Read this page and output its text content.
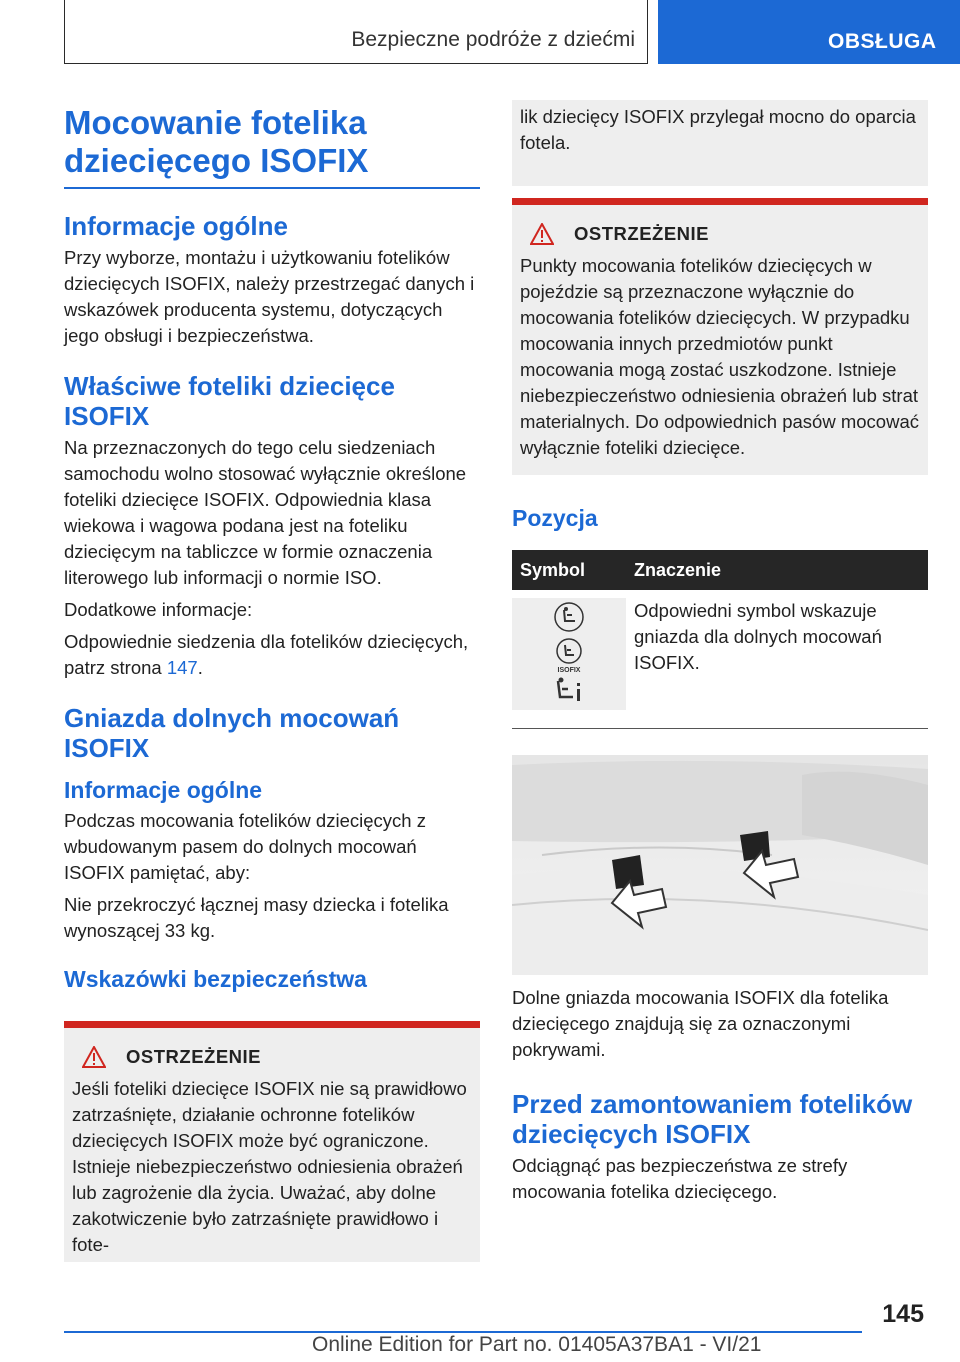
Bezpieczne podróże z dziećmi	OBSŁUGA
Mocowanie fotelika dziecięcego ISOFIX
Informacje ogólne

Przy wyborze, montażu i użytkowaniu fotelików dziecięcych ISOFIX, należy przestrzegać danych i wskazówek producenta systemu, dotyczących jego obsługi i bezpieczeństwa.

Właściwe foteliki dziecięce ISOFIX

Na przeznaczonych do tego celu siedzeniach samochodu wolno stosować wyłącznie określone foteliki dziecięce ISOFIX. Odpowiednia klasa wiekowa i wagowa podana jest na foteliku dziecięcym na tabliczce w formie oznaczenia literowego lub informacji o normie ISO.

Dodatkowe informacje:

Odpowiednie siedzenia dla fotelików dziecięcych, patrz strona 147.

Gniazda dolnych mocowań ISOFIX
Informacje ogólne

Podczas mocowania fotelików dziecięcych z wbudowanym pasem do dolnych mocowań ISOFIX pamiętać, aby:

Nie przekroczyć łącznej masy dziecka i fotelika wynoszącej 33 kg.

Wskazówki bezpieczeństwa
OSTRZEŻENIE

Jeśli foteliki dziecięce ISOFIX nie są prawidłowo zatrzaśnięte, działanie ochronne fotelików dziecięcych ISOFIX może być ograniczone. Istnieje niebezpieczeństwo odniesienia obrażeń lub zagrożenie dla życia. Uważać, aby dolne zakotwiczenie było zatrzaśnięte prawidłowo i fote-

lik dziecięcy ISOFIX przylegał mocno do oparcia fotela.

OSTRZEŻENIE

Punkty mocowania fotelików dziecięcych w pojeździe są przeznaczone wyłącznie do mocowania fotelików dziecięcych. W przypadku mocowania innych przedmiotów punkt mocowania mogą zostać uszkodzone. Istnieje niebezpieczeństwo odniesienia obrażeń lub strat materialnych. Do odpowiednich pasów mocować wyłącznie foteliki dziecięce.

Pozycja
Symbol	Znaczenie

ISOFIX	Odpowiedni symbol wskazuje gniazda dla dolnych mocowań ISOFIX.

Dolne gniazda mocowania ISOFIX dla fotelika dziecięcego znajdują się za oznaczonymi pokrywami.

Przed zamontowaniem fotelików dziecięcych ISOFIX

Odciągnąć pas bezpieczeństwa ze strefy mocowania fotelika dziecięcego.

145
Online Edition for Part no. 01405A37BA1 - VI/21
